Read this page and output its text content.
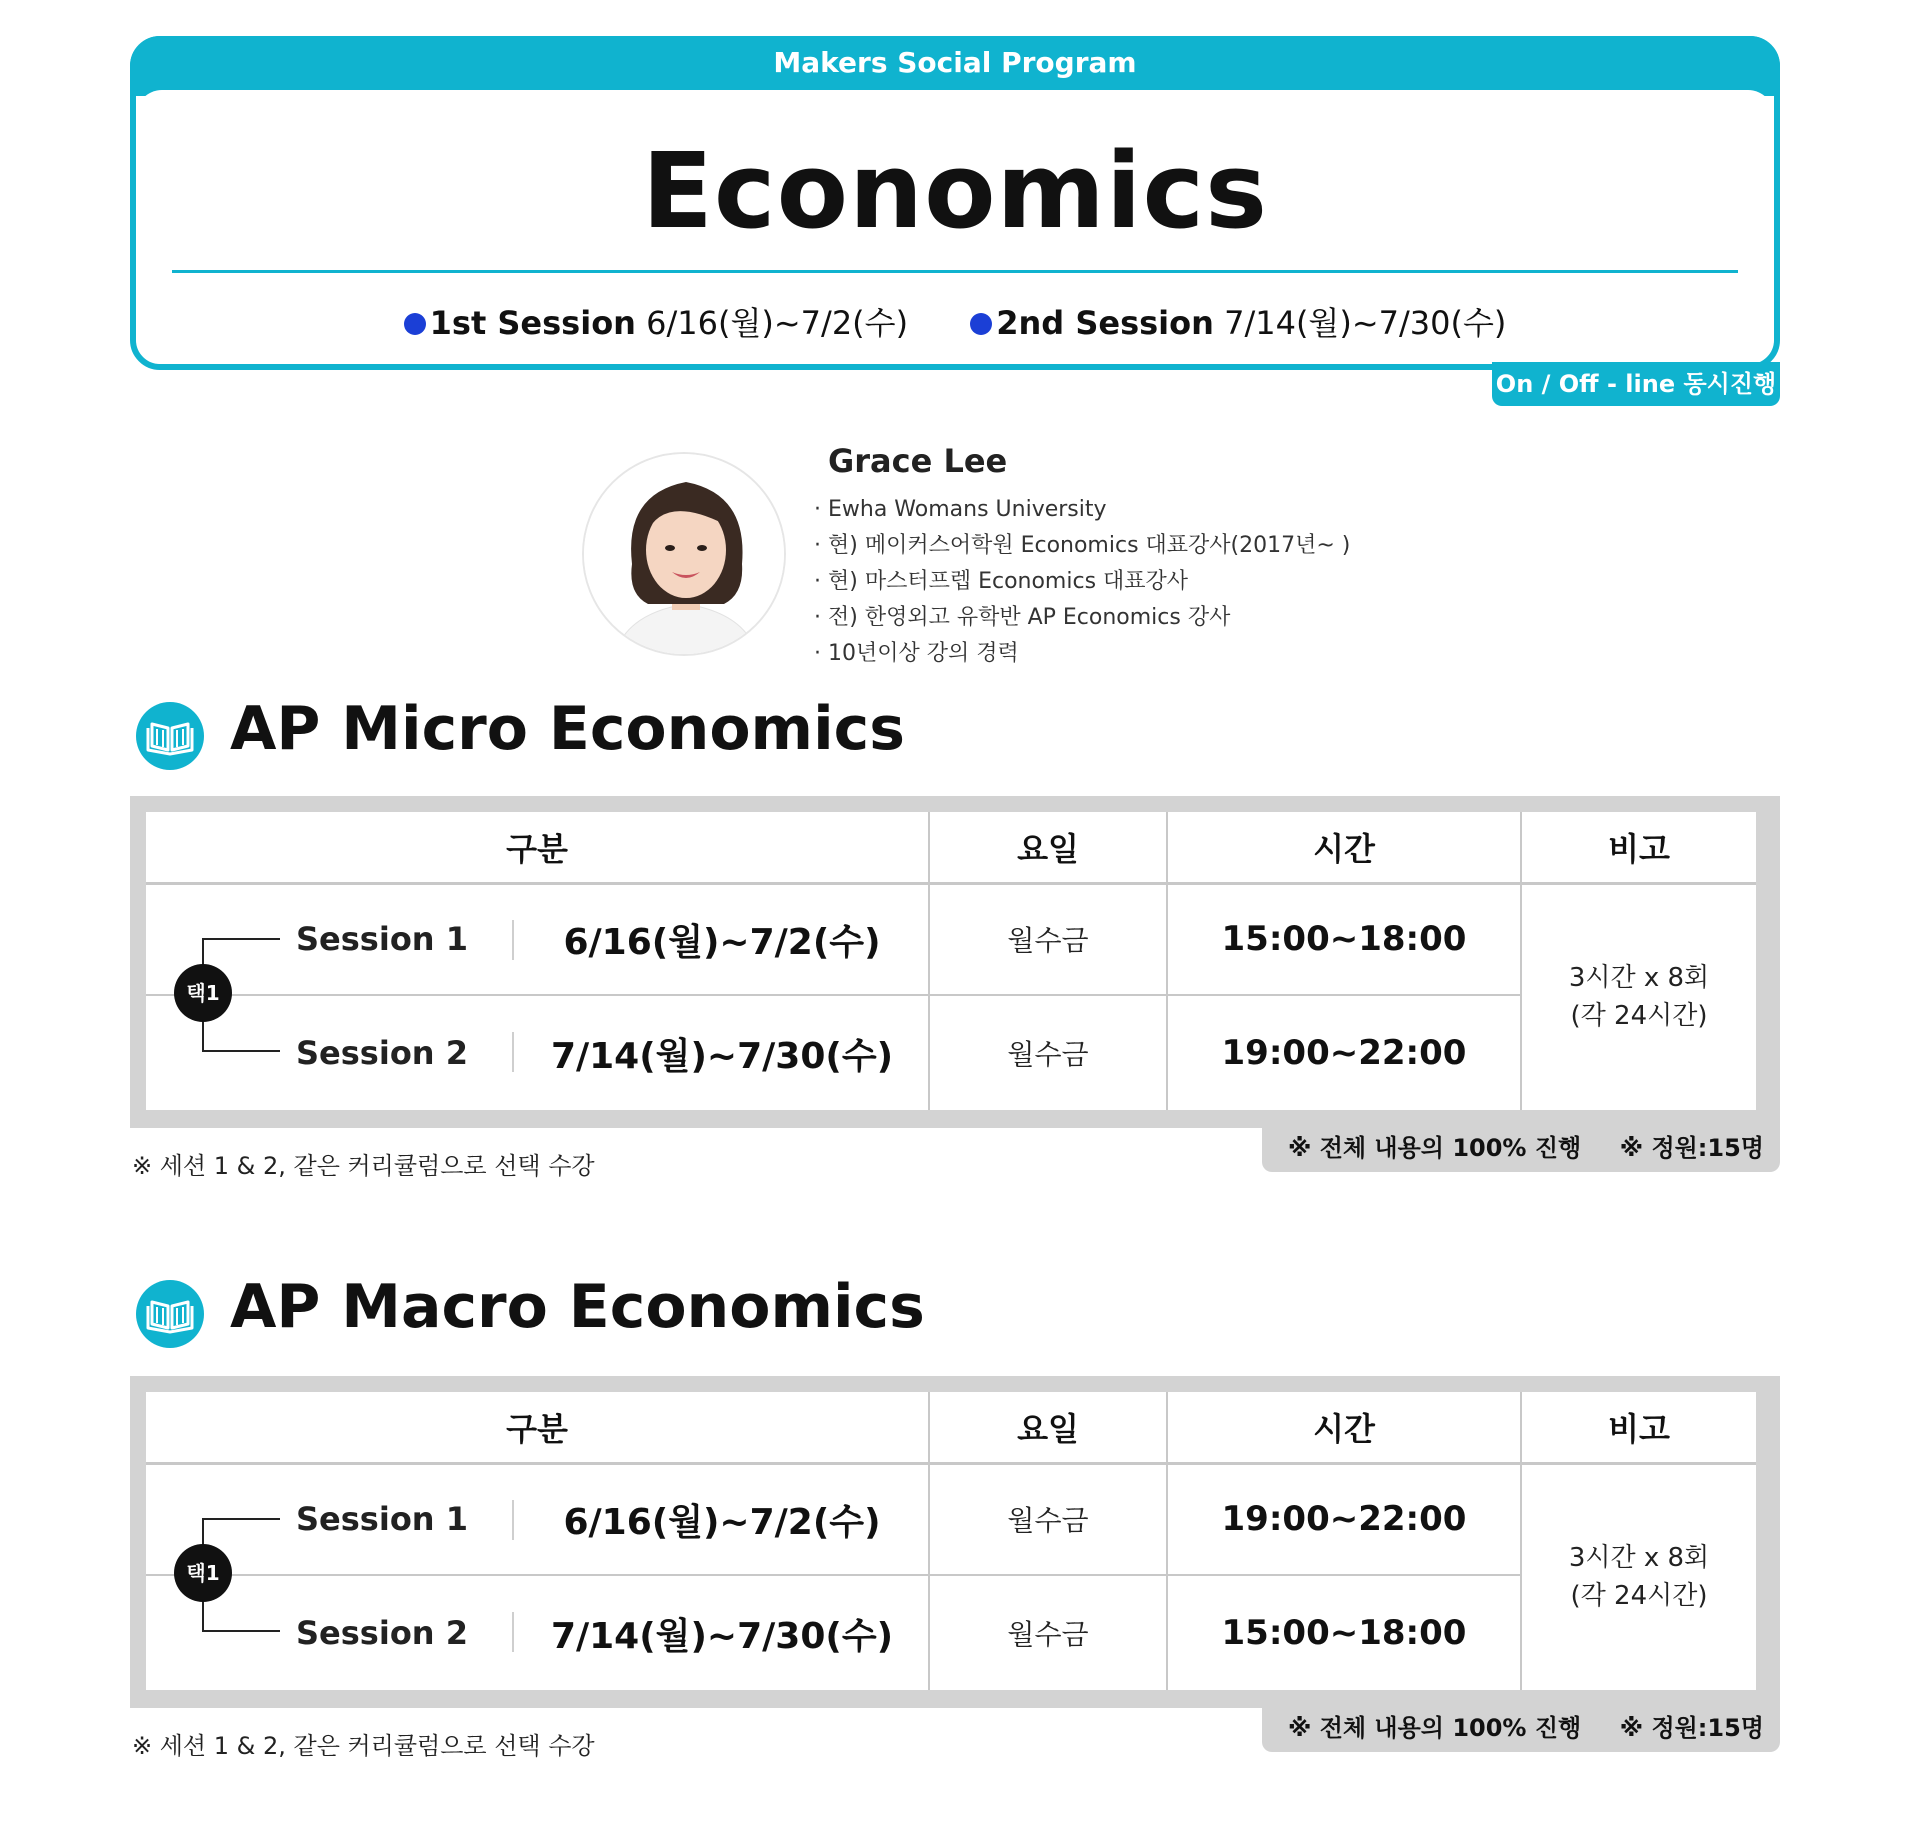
Makers Social Program
Economics
1st Session 6/16(월)~7/2(수)	2nd Session 7/14(월)~7/30(수)
On / Off - line 동시진행
Grace Lee
· Ewha Womans University
· 현) 메이커스어학원 Economics 대표강사(2017년~ )
· 현) 마스터프렙 Economics 대표강사
· 전) 한영외고 유학반 AP Economics 강사
· 10년이상 강의 경력
AP Micro Economics
구분	요일	시간	비고
택1
Session 1	6/16(월)~7/2(수)	월수금	15:00~18:00
Session 2	7/14(월)~7/30(수)	월수금	19:00~22:00
3시간 x 8회
(각 24시간)
※ 전체 내용의 100% 진행 ※ 정원:15명
※ 세션 1 & 2, 같은 커리큘럼으로 선택 수강
AP Macro Economics
구분	요일	시간	비고
택1
Session 1	6/16(월)~7/2(수)	월수금	19:00~22:00
Session 2	7/14(월)~7/30(수)	월수금	15:00~18:00
3시간 x 8회
(각 24시간)
※ 전체 내용의 100% 진행 ※ 정원:15명
※ 세션 1 & 2, 같은 커리큘럼으로 선택 수강
